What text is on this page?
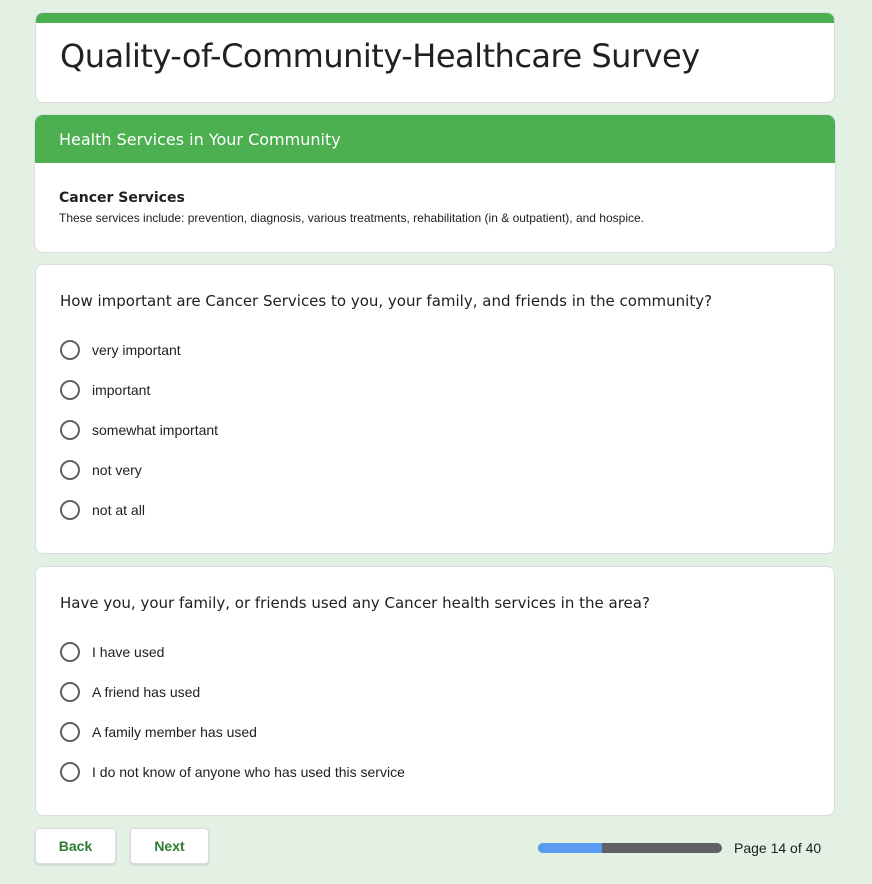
Quality-of-Community-Healthcare Survey
Health Services in Your Community
Cancer Services
These services include: prevention, diagnosis, various treatments, rehabilitation (in & outpatient), and hospice.
How important are Cancer Services to you, your family, and friends in the community?
very important
important
somewhat important
not very
not at all
Have you, your family, or friends used any Cancer health services in the area?
I have used
A friend has used
A family member has used
I do not know of anyone who has used this service
Back	Next	Page 14 of 40
